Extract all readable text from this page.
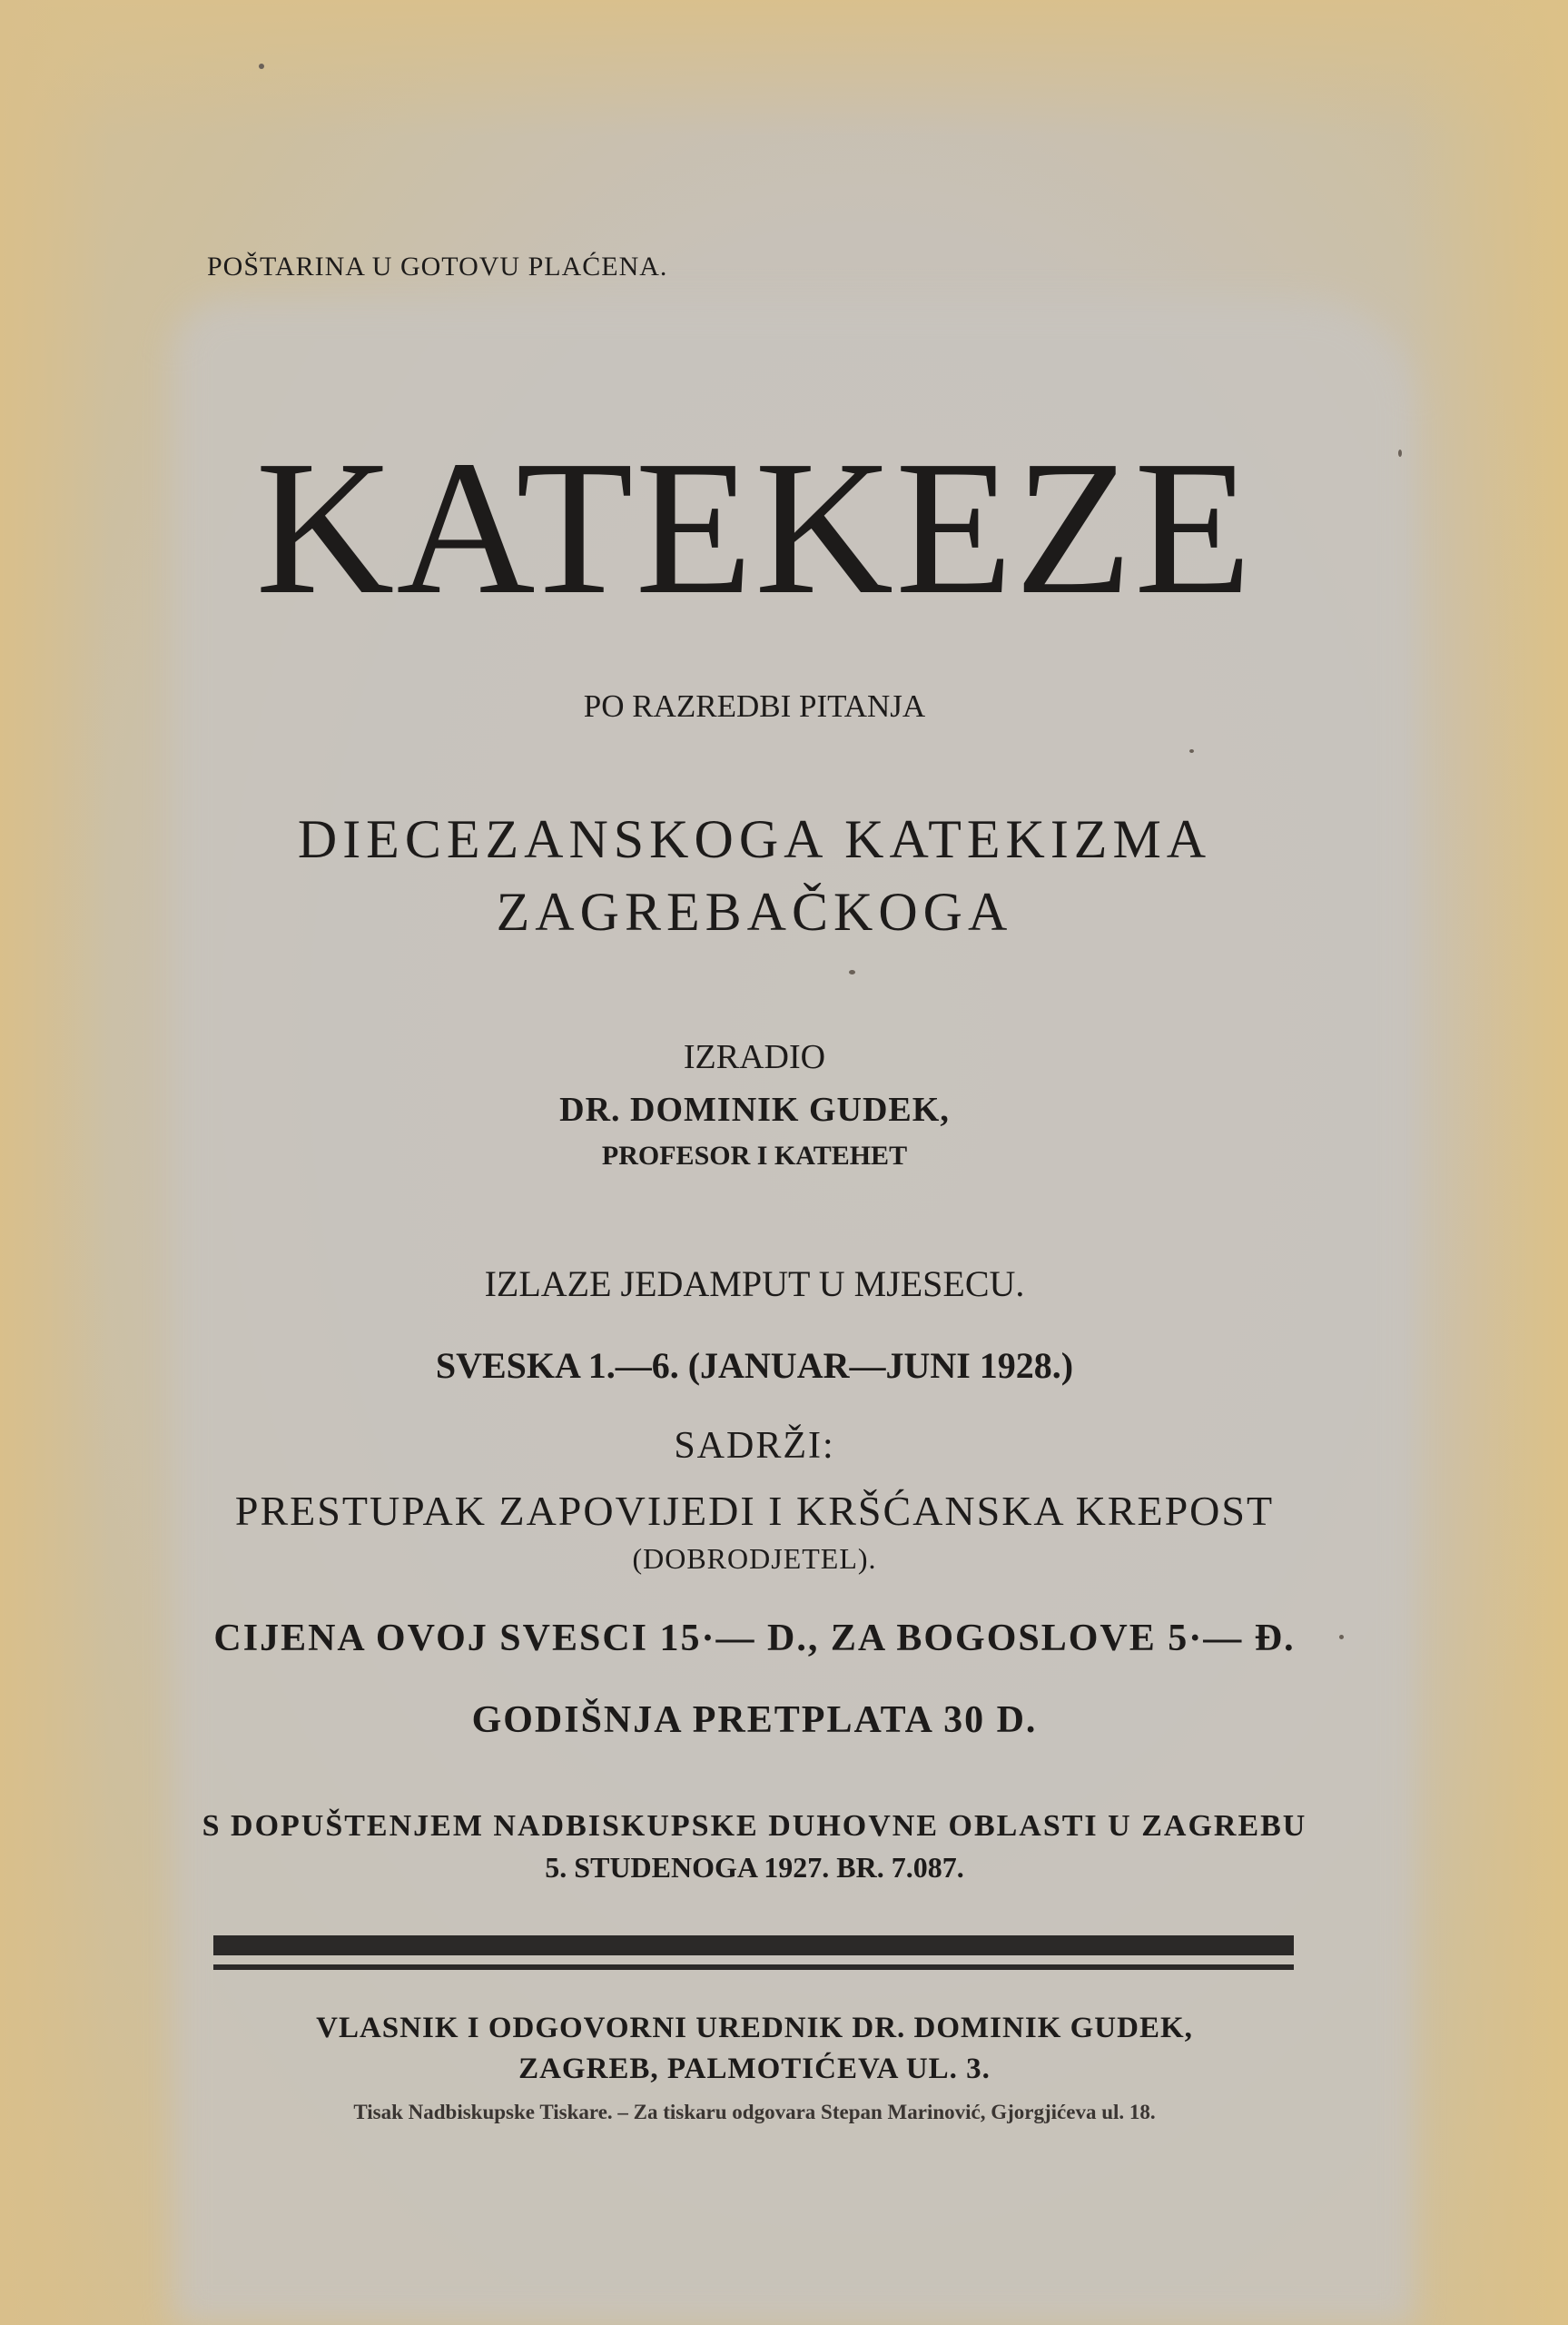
POŠTARINA U GOTOVU PLAĆENA.
KATEKEZE
PO RAZREDBI PITANJA
DIECEZANSKOGA KATEKIZMA
ZAGREBAČKOGA
IZRADIO
DR. DOMINIK GUDEK,
PROFESOR I KATEHET
IZLAZE JEDAMPUT U MJESECU.
SVESKA 1.—6. (JANUAR—JUNI 1928.)
SADRŽI:
PRESTUPAK ZAPOVIJEDI I KRŠĆANSKA KREPOST
(DOBRODJETEL).
CIJENA OVOJ SVESCI 15·— D., ZA BOGOSLOVE 5·— Đ.
GODIŠNJA PRETPLATA 30 D.
S DOPUŠTENJEM NADBISKUPSKE DUHOVNE OBLASTI U ZAGREBU
5. STUDENOGA 1927. BR. 7.087.
VLASNIK I ODGOVORNI UREDNIK DR. DOMINIK GUDEK,
ZAGREB, PALMOTIĆEVA UL. 3.
Tisak Nadbiskupske Tiskare. – Za tiskaru odgovara Stepan Marinović, Gjorgjićeva ul. 18.
